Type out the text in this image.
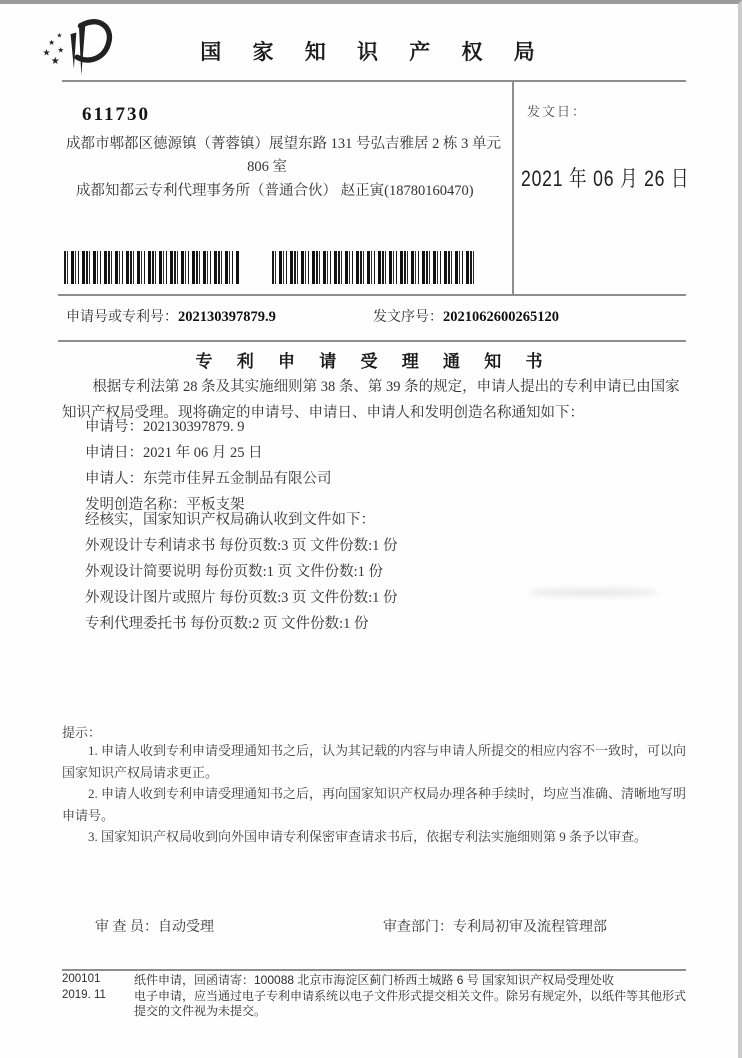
★
★
★
★
★	国 家 知 识 产 权 局
发文日：
2021 年 06 月 26 日
611730
成都市郫都区德源镇（菁蓉镇）展望东路 131 号弘吉雅居 2 栋 3 单元
806 室
成都知都云专利代理事务所（普通合伙） 赵正寅(18780160470)
申请号或专利号：202130397879.9	发文序号：2021062600265120
专 利 申 请 受 理 通 知 书

根据专利法第 28 条及其实施细则第 38 条、第 39 条的规定，申请人提出的专利申请已由国家知识产权局受理。现将确定的申请号、申请日、申请人和发明创造名称通知如下：

申请号：202130397879. 9
申请日：2021 年 06 月 25 日
申请人：东莞市佳昇五金制品有限公司
发明创造名称：平板支架
经核实，国家知识产权局确认收到文件如下：
外观设计专利请求书 每份页数:3 页 文件份数:1 份
外观设计简要说明 每份页数:1 页 文件份数:1 份
外观设计图片或照片 每份页数:3 页 文件份数:1 份
专利代理委托书 每份页数:2 页 文件份数:1 份
提示：

1. 申请人收到专利申请受理通知书之后，认为其记载的内容与申请人所提交的相应内容不一致时，可以向国家知识产权局请求更正。

2. 申请人收到专利申请受理通知书之后，再向国家知识产权局办理各种手续时，均应当准确、清晰地写明申请号。

3. 国家知识产权局收到向外国申请专利保密审查请求书后，依据专利法实施细则第 9 条予以审查。

审 查 员：自动受理	审查部门：专利局初审及流程管理部
200101
2019. 11
纸件申请，回函请寄：100088 北京市海淀区蓟门桥西土城路 6 号 国家知识产权局受理处收
电子申请，应当通过电子专利申请系统以电子文件形式提交相关文件。除另有规定外，以纸件等其他形式提交的文件视为未提交。
